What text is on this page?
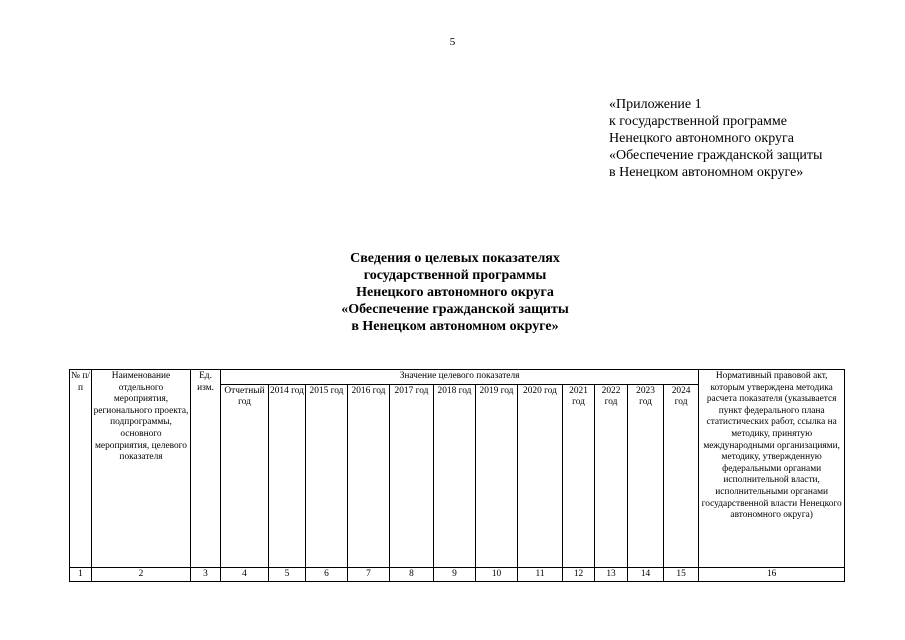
5
«Приложение 1
к государственной программе
Ненецкого автономного округа
«Обеспечение гражданской защиты
в Ненецком автономном округе»
Сведения о целевых показателях
государственной программы
Ненецкого автономного округа
«Обеспечение гражданской защиты
в Ненецком автономном округе»
№ п/п	Наименование отдельного мероприятия, регионального проекта, подпрограммы, основного мероприятия, целевого показателя	Ед. изм.	Значение целевого показателя												Нормативный правовой акт, которым утверждена методика расчета показателя (указывается пункт федерального плана статистических работ, ссылка на методику, принятую международными организациями, методику, утвержденную федеральными органами исполнительной власти, исполнительными органами государственной власти Ненецкого автономного округа)
			Отчетный год	2014 год	2015 год	2016 год	2017 год	2018 год	2019 год	2020 год	2021 год	2022 год	2023 год	2024 год	
1	2	3	4	5	6	7	8	9	10	11	12	13	14	15	16
